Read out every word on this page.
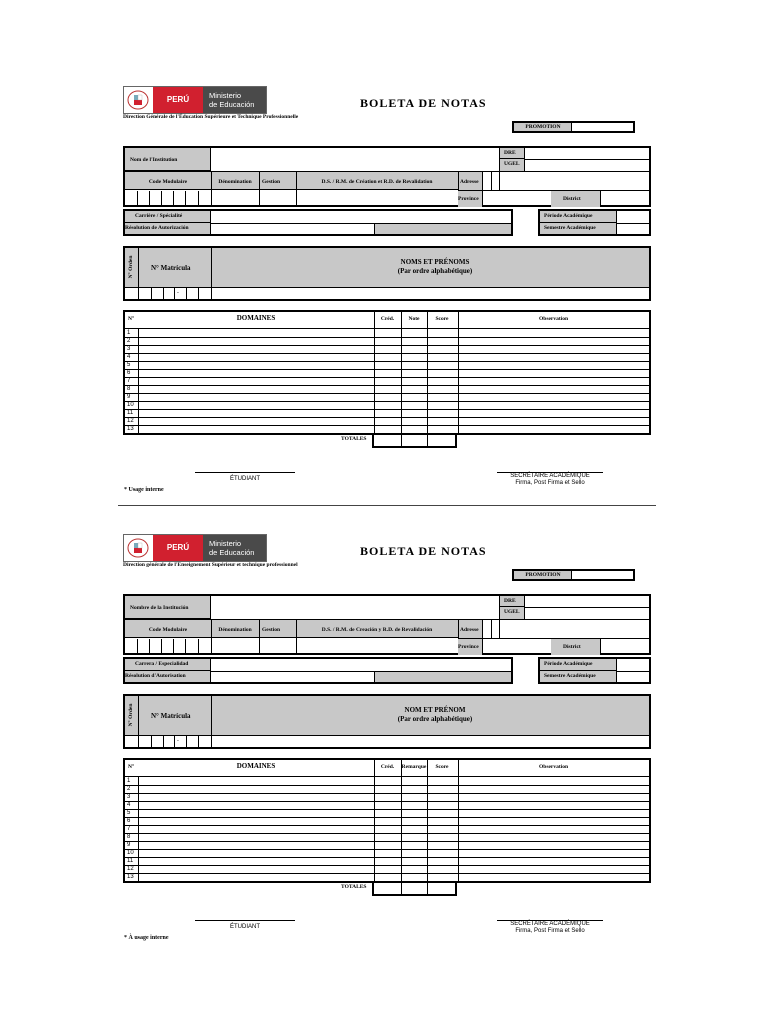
PERÚ	Ministerio
de Educación
Direction Générale de l'Éducation Supérieure et Technique Professionnelle
BOLETA DE NOTAS
PROMOTION
Nom de l'Institution
DRE
UGEL
Code Modulaire	Dénomination	Gestion	D.S. / R.M. de Création et R.D. de Revalidation	Adresse
Province	District
Carrière / Spécialité
Résolution de Autorización
Période Académique
Semestre Académique
N° Orden N° Matrícula
NOMS ET PRÉNOMS
(Par ordre alphabétique)
-
N°	DOMAINES	Créd.	Note	Score	Observation
1
2
3
4
5
6
7
8
9
10
11
12
13
TOTALES
ÉTUDIANT	SECRÉTAIRE ACADÉMIQUE
Firma, Post Firma et Sello
* Usage interne
PERÚ	Ministerio
de Educación
Direction générale de l'Enseignement Supérieur et technique professionnel
BOLETA DE NOTAS
PROMOTION
Nombre de la Institución
DRE
UGEL
Code Modulaire	Dénomination	Gestion	D.S. / R.M. de Creación y R.D. de Revalidación	Adresse
Province	District
Carrera / Especialidad
Résolution d'Autorisation
Période Académique
Semestre Académique
N° Orden N° Matrícula
NOM ET PRÉNOM
(Par ordre alphabétique)
-
N°	DOMAINES	Créd.	Remarque	Score	Observation
1
2
3
4
5
6
7
8
9
10
11
12
13
TOTALES
ÉTUDIANT	SECRÉTAIRE ACADÉMIQUE
Firma, Post Firma et Sello
* À usage interne
